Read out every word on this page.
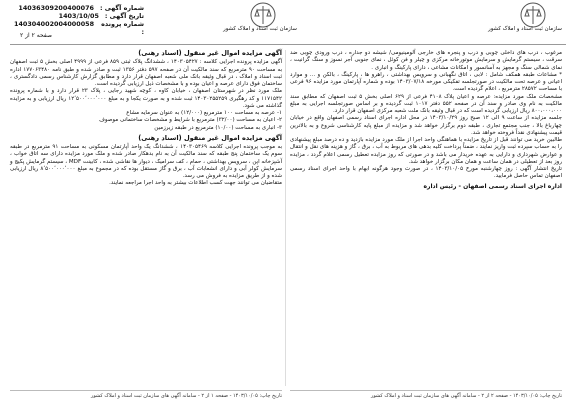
شماره آگهی :
14036309200400076
تاریخ آگهی :
1403/10/05
شماره پرونده :
140304002004000058
سازمان ثبت اسناد و املاک کشور	سازمان ثبت اسناد و املاک کشور
صفحه ۲ از ۲

مرغوب ، درب های داخلی چوبی و درب و پنجره های خارجی آلومینیومی/ شیشه دو جداره ، درب ورودی چوبی ضد سرقت ، سیستم گرمایش و سرمایش موتورخانه مرکزی و چیلر و فن کوئل ، نمای جنوبی آجر نسوز و سنگ گرانیت ، نمای شمالی سنگ و مجهز به آسانسور و امکانات مشاعی ، دارای پارکینگ و انباری .

* مشاعات طبقه همکف شامل : لابی ، اتاق نگهبانی و سرویس بهداشتی ، راهرو ها ، پارکینگ ، بالکن و ... و موارد اعیانی و عرصه تحت مالکیت در صورتجلسه تفکیکی مورخه ۱۴۰۳/۰۷/۱۸ بوده و شماره آپارتمان مورد مزایده ۹۶ فرعی با مساحت ۲۸۵۷۲ مترمربع ، اعلام گردیده است.

مشخصات ملک مورد مزایده: عرصه و اعیان پلاک ۴۱۰۸ فرعی از ۶۲۹ اصلی بخش ۵ ثبت اصفهان که مطابق سند مالکیت به نام وی صادر و سند آن در صفحه ۵۵۲ دفتر ۱۰۱۷ ثبت گردیده و بر اساس صورتجلسه اجرایی به مبلغ ۸۰۰،۰۰۰،۰۰۰ ریال ارزیابی گردیده است که در قبال وثیقه بانک ملت شعبه مرکزی اصفهان قرار دارد.

جلسه مزایده از ساعت ۹ الی ۱۲ صبح روز ۱۴۰۳/۱۰/۲۹ در محل اداره اجرای اسناد رسمی اصفهان واقع در خیابان چهارباغ بالا ، جنب مجتمع تجاری ، طبقه دوم برگزار خواهد شد و مزایده از مبلغ پایه کارشناسی شروع و به بالاترین قیمت پیشنهادی نقداً فروخته خواهد شد.

طالبین خرید می توانند قبل از تاریخ مزایده با هماهنگی واحد اجرا از ملک مورد مزایده بازدید و ده درصد مبلغ پیشنهادی را به حساب سپرده ثبت واریز نمایند ، ضمناً پرداخت کلیه بدهی های مربوط به آب ، برق ، گاز و هزینه های نقل و انتقال و عوارض شهرداری و دارایی به عهده خریدار می باشد و در صورتی که روز مزایده تعطیل رسمی اعلام گردد ، مزایده روز بعد از تعطیلی در همان ساعت و همان مکان برگزار خواهد شد.

تاریخ انتشار آگهی : روز چهارشنبه مورخ ۱۴۰۳/۱۰/۰۵ ، در صورت وجود هرگونه ابهام با واحد اجرای اسناد رسمی اصفهان تماس حاصل فرمایید.

اداره اجرای اسناد رسمی اصفهان - رئیس اداره
آگهی مزایده اموال غیر منقول (اسناد رهنی)

آگهی مزایده پرونده اجرایی کلاسه : ۱۴۰۳۰۵۴۲۷ ، ششدانگ پلاک ثبتی ۸۵۹ فرعی از ۴۹۹۹ اصلی بخش ۵ ثبت اصفهان به مساحت ۹۰ مترمربع که سند مالکیت آن در صفحه ۵۹۷ دفتر ۱۳۵۶ ثبت و صادر شده و طبق نامه ۱۷۷۰۶۳۴۸۰ اداره ثبت اسناد و املاک ، در قبال وثیقه بانک ملی شعبه اصفهان قرار دارد و مطابق گزارش کارشناس رسمی دادگستری ، ساختمان فوق دارای عرصه و اعیان بوده و با مشخصات ذیل ارزیابی گردیده است.

ملک مورد نظر در شهرستان اصفهان ، خیابان کاوه ، کوچه شهید رجایی ، پلاک ۲۳ قرار دارد و با شماره پرونده ۱۱۷۱۵۴۲ و کد رهگیری ۱۴۰۳۰۲۵۵۲۵۹ ثبت شده و به صورت یکجا و به مبلغ ۱۲٬۵۰۰٬۰۰۰٬۰۰۰ ریال ارزیابی و به مزایده گذاشته می شود.

۱- عرصه به مساحت ۱۰۰ مترمربع (۱۲/۰۰۰) به عنوان سرمایه مشاع

۲- اعیان به مساحت (۳۲/۰۰) مترمربع با شرایط و مشخصات ساختمانی موصوف

۳- انباری به مساحت (۱۰/۰۰) مترمربع در طبقه زیرزمین

آگهی مزایده اموال غیر منقول (اسناد رهنی)

به موجب پرونده اجرایی کلاسه ۱۴۰۳۰۵۴۶۹ ، ششدانگ یک واحد آپارتمان مسکونی به مساحت ۹۱ مترمربع در طبقه سوم یک ساختمان پنج طبقه که سند مالکیت آن به نام بدهکار صادر شده و ملک مورد مزایده دارای سه اتاق خواب ، آشپزخانه اپن ، سرویس بهداشتی ، حمام ، کف سرامیک ، دیوار ها نقاشی شده ، کابینت MDF ، سیستم گرمایش پکیج و سرمایش کولر آبی و دارای انشعابات آب ، برق و گاز مستقل بوده که در مجموع به مبلغ ۸٬۵۰۰٬۰۰۰٬۰۰۰ ریال ارزیابی شده و از طریق مزایده به فروش می رسد.

متقاضیان می توانند جهت کسب اطلاعات بیشتر به واحد اجرا مراجعه نمایند.

تاریخ چاپ: ۱۴۰۳/۱۰/۰۵ - صفحه ۲ از ۲ - سامانه آگهی های سازمان ثبت اسناد و املاک کشور
تاریخ چاپ: ۱۴۰۳/۱۰/۰۵ - صفحه ۱ از ۲ - سامانه آگهی های سازمان ثبت اسناد و املاک کشور
